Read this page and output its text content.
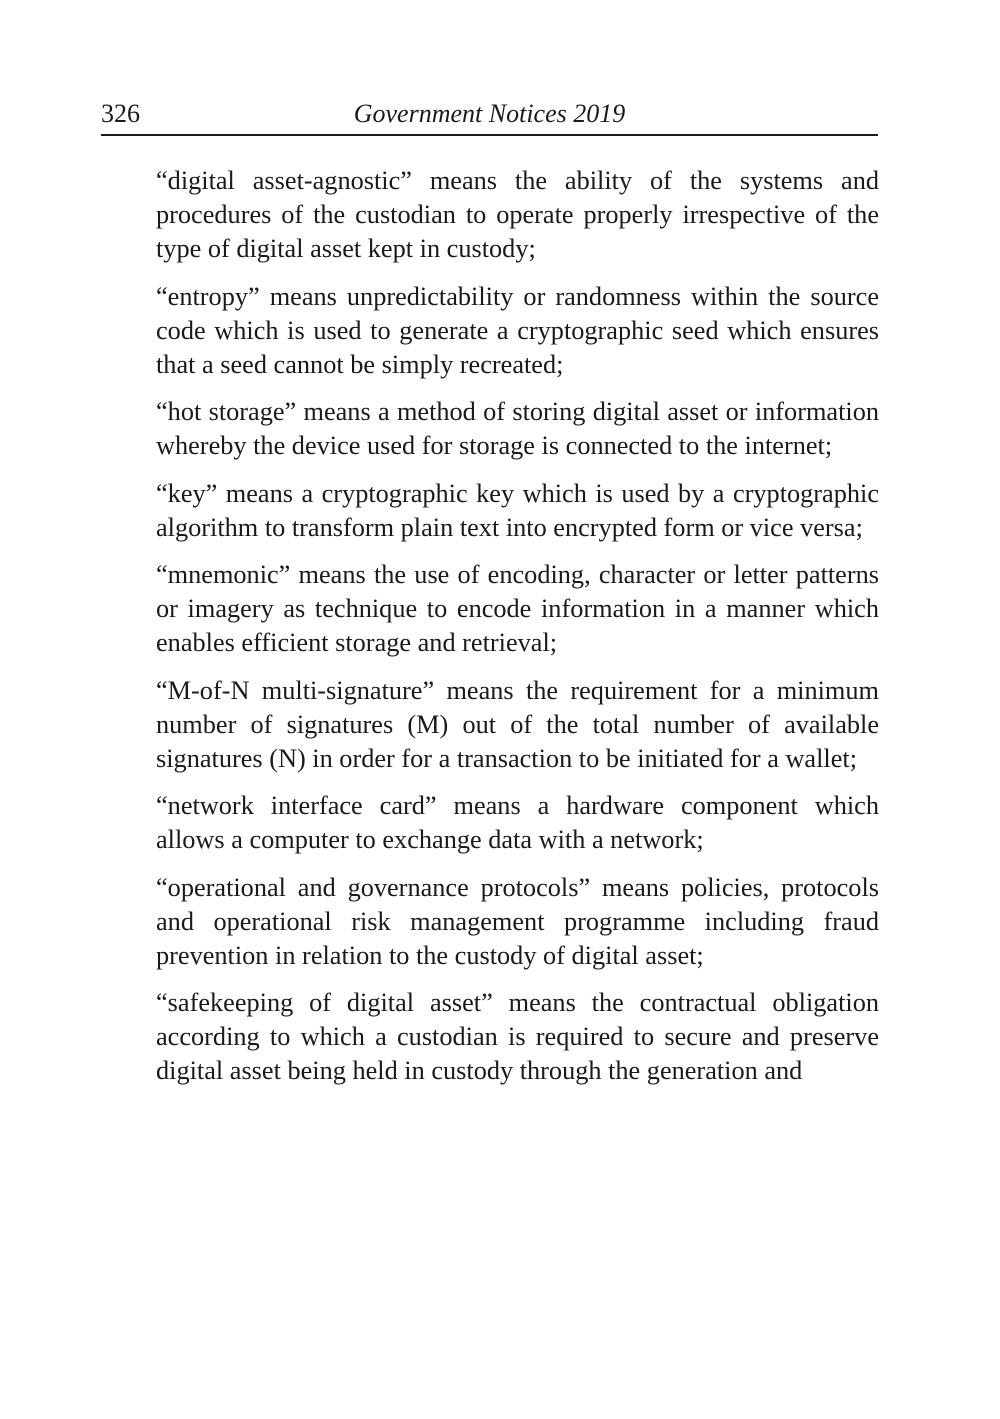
326	Government Notices 2019

“digital asset-agnostic” means the ability of the systems and procedures of the custodian to operate properly irrespective of the type of digital asset kept in custody;

“entropy” means unpredictability or randomness within the source code which is used to generate a cryptographic seed which ensures that a seed cannot be simply recreated;

“hot storage” means a method of storing digital asset or information whereby the device used for storage is connected to the internet;

“key” means a cryptographic key which is used by a cryptographic algorithm to transform plain text into encrypted form or vice versa;

“mnemonic” means the use of encoding, character or letter patterns or imagery as technique to encode information in a manner which enables efficient storage and retrieval;

“M-of-N multi-signature” means the requirement for a minimum number of signatures (M) out of the total number of available signatures (N) in order for a transaction to be initiated for a wallet;

“network interface card” means a hardware component which allows a computer to exchange data with a network;

“operational and governance protocols” means policies, protocols and operational risk management programme including fraud prevention in relation to the custody of digital asset;

“safekeeping of digital asset” means the contractual obligation according to which a custodian is required to secure and preserve digital asset being held in custody through the generation and
